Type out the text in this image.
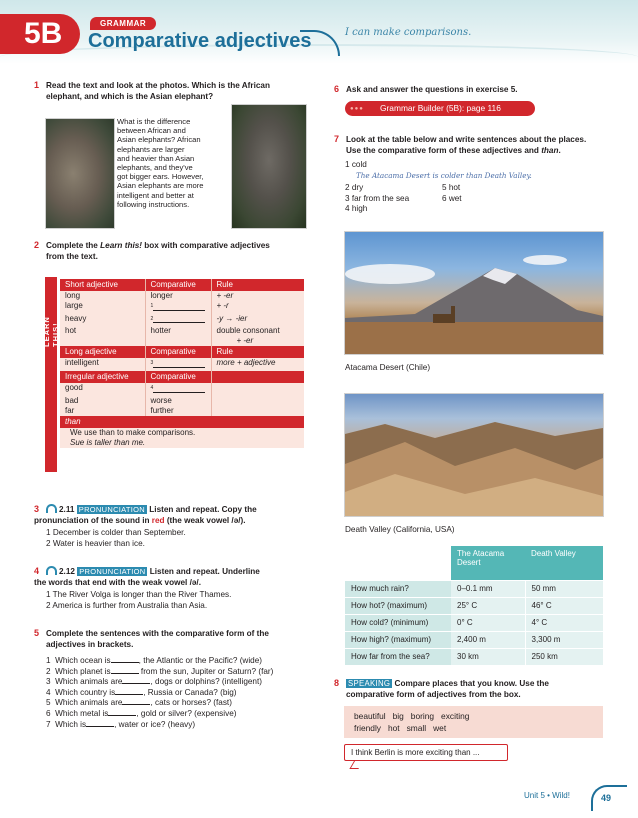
5B	GRAMMAR
Comparative adjectives	I can make comparisons.
1 Read the text and look at the photos. Which is the African
elephant, and which is the Asian elephant?
What is the difference
between African and
Asian elephants? African
elephants are larger
and heavier than Asian
elephants, and they've
got bigger ears. However,
Asian elephants are more
intelligent and better at
following instructions.
2 Complete the Learn this! box with comparative adjectives
from the text.
LEARN THIS!
Short adjective	Comparative	Rule
long	longer	+ -er
large	$^1$	+ -r
heavy	$^2$	-y → -ier
hot	hotter	double consonant
+ -er

Long adjective	Comparative	Rule
intelligent	$^3$	more + adjective
Irregular adjective	Comparative	
good	$^4$	
bad	worse	
far	further	

than		
We use than to make comparisons.		
Sue is taller than me.		
3 2.11 PRONUNCIATION Listen and repeat. Copy the
pronunciation of the sound in red (the weak vowel /ə/).
1 December is colder than September.
2 Water is heavier than ice.
4 2.12 PRONUNCIATION Listen and repeat. Underline
the words that end with the weak vowel /ə/.
1 The River Volga is longer than the River Thames.
2 America is further from Australia than Asia.
5 Complete the sentences with the comparative form of the
adjectives in brackets.
1 Which ocean is	, the Atlantic or the Pacific? (wide)
2 Which planet is	from the sun, Jupiter or Saturn? (far)
3 Which animals are	, dogs or dolphins? (intelligent)
4 Which country is	, Russia or Canada? (big)
5 Which animals are	, cats or horses? (fast)
6 Which metal is	, gold or silver? (expensive)
7 Which is	, water or ice? (heavy)
6 Ask and answer the questions in exercise 5.
Grammar Builder (5B): page 116
●●●
7 Look at the table below and write sentences about the places.
Use the comparative form of these adjectives and than.
1 cold
The Atacama Desert is colder than Death Valley.
2 dry
3 far from the sea
4 high
5 hot
6 wet
Atacama Desert (Chile)
Death Valley (California, USA)
	The Atacama Desert	Death Valley
How much rain?	0–0.1 mm	50 mm
How hot? (maximum)	25° C	46° C
How cold? (minimum)	0° C	4° C
How high? (maximum)	2,400 m	3,300 m
How far from the sea?	30 km	250 km
8 SPEAKING Compare places that you know. Use the
comparative form of adjectives from the box.
beautiful   big   boring   exciting
friendly   hot   small   wet
I think Berlin is more exciting than ...
Unit 5 • Wild!	49
